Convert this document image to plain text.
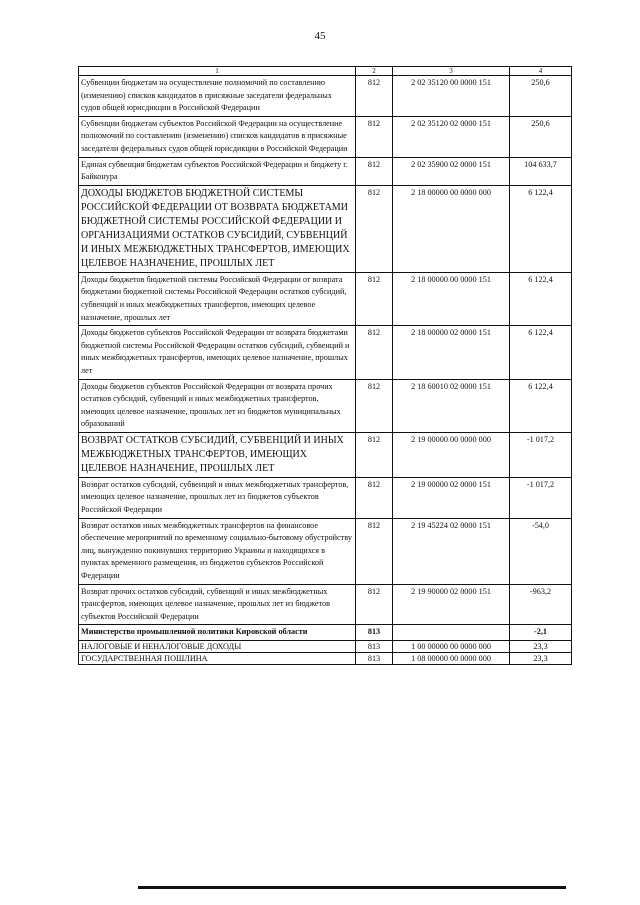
45
1	2	3	4
Субвенции бюджетам на осуществление полномочий по составлению (изменению) списков кандидатов в присяжные заседатели федеральных судов общей юрисдикции в Российской Федерации	812	2 02 35120 00 0000 151	250,6
Субвенции бюджетам субъектов Российской Федерации на осуществление полномочий по составлению (изменению) списков кандидатов в присяжные заседатели федеральных судов общей юрисдикции в Российской Федерации	812	2 02 35120 02 0000 151	250,6
Единая субвенция бюджетам субъектов Российской Федерации и бюджету г. Байконура	812	2 02 35900 02 0000 151	104 633,7
ДОХОДЫ БЮДЖЕТОВ БЮДЖЕТНОЙ СИСТЕМЫ РОССИЙСКОЙ ФЕДЕРАЦИИ ОТ ВОЗВРАТА БЮДЖЕТАМИ БЮДЖЕТНОЙ СИСТЕМЫ РОССИЙСКОЙ ФЕДЕРАЦИИ И ОРГАНИЗАЦИЯМИ ОСТАТКОВ СУБСИДИЙ, СУБВЕНЦИЙ И ИНЫХ МЕЖБЮДЖЕТНЫХ ТРАНСФЕРТОВ, ИМЕЮЩИХ ЦЕЛЕВОЕ НАЗНАЧЕНИЕ, ПРОШЛЫХ ЛЕТ	812	2 18 00000 00 0000 000	6 122,4
Доходы бюджетов бюджетной системы Российской Федерации от возврата бюджетами бюджетной системы Российской Федерации остатков субсидий, субвенций и иных межбюджетных трансфертов, имеющих целевое назначение, прошлых лет	812	2 18 00000 00 0000 151	6 122,4
Доходы бюджетов субъектов Российской Федерации от возврата бюджетами бюджетной системы Российской Федерации остатков субсидий, субвенций и иных межбюджетных трансфертов, имеющих целевое назначение, прошлых лет	812	2 18 00000 02 0000 151	6 122,4
Доходы бюджетов субъектов Российской Федерации от возврата прочих остатков субсидий, субвенций и иных межбюджетных трансфертов, имеющих целевое назначение, прошлых лет из бюджетов муниципальных образований	812	2 18 60010 02 0000 151	6 122,4
ВОЗВРАТ ОСТАТКОВ СУБСИДИЙ, СУБВЕНЦИЙ И ИНЫХ МЕЖБЮДЖЕТНЫХ ТРАНСФЕРТОВ, ИМЕЮЩИХ ЦЕЛЕВОЕ НАЗНАЧЕНИЕ, ПРОШЛЫХ ЛЕТ	812	2 19 00000 00 0000 000	-1 017,2
Возврат остатков субсидий, субвенций и иных межбюджетных трансфертов, имеющих целевое назначение, прошлых лет из бюджетов субъектов Российской Федерации	812	2 19 00000 02 0000 151	-1 017,2
Возврат остатков иных межбюджетных трансфертов на финансовое обеспечение мероприятий по временному социально-бытовому обустройству лиц, вынужденно покинувших территорию Украины и находящихся в пунктах временного размещения, из бюджетов субъектов Российской Федерации	812	2 19 45224 02 0000 151	-54,0
Возврат прочих остатков субсидий, субвенций и иных межбюджетных трансфертов, имеющих целевое назначение, прошлых лет из бюджетов субъектов Российской Федерации	812	2 19 90000 02 0000 151	-963,2
Министерство промышленной политики Кировской области	813		-2,1
НАЛОГОВЫЕ И НЕНАЛОГОВЫЕ ДОХОДЫ	813	1 00 00000 00 0000 000	23,3
ГОСУДАРСТВЕННАЯ ПОШЛИНА	813	1 08 00000 00 0000 000	23,3
